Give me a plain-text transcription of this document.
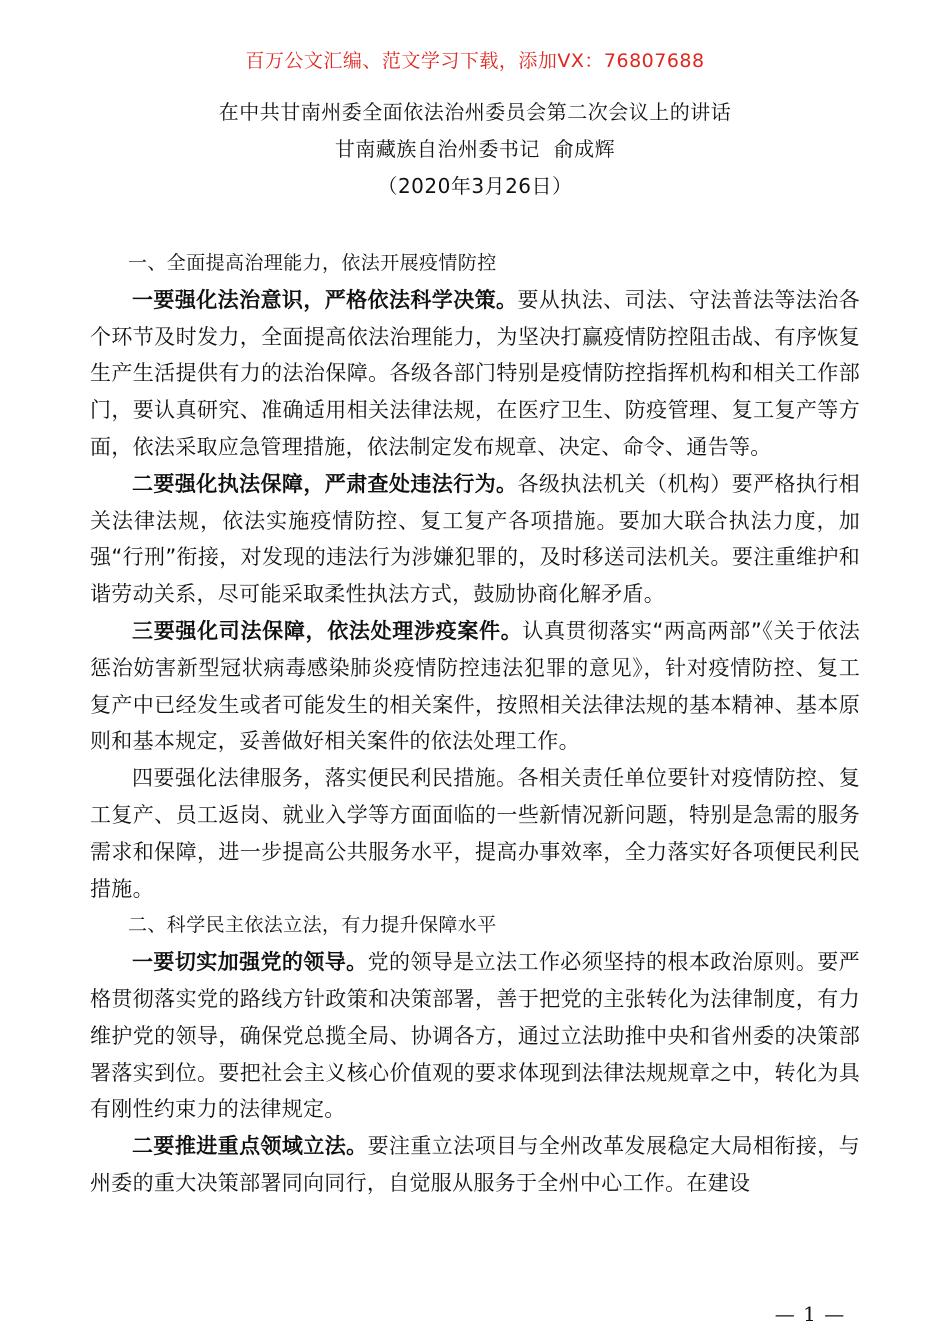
百万公文汇编、范文学习下载，添加VX：76807688
在中共甘南州委全面依法治州委员会第二次会议上的讲话
甘南藏族自治州委书记  俞成辉
（2020年3月26日）

一、全面提高治理能力，依法开展疫情防控

一要强化法治意识，严格依法科学决策。要从执法、司法、守法普法等法治各个环节及时发力，全面提高依法治理能力，为坚决打赢疫情防控阻击战、有序恢复生产生活提供有力的法治保障。各级各部门特别是疫情防控指挥机构和相关工作部门，要认真研究、准确适用相关法律法规，在医疗卫生、防疫管理、复工复产等方面，依法采取应急管理措施，依法制定发布规章、决定、命令、通告等。

二要强化执法保障，严肃查处违法行为。各级执法机关（机构）要严格执行相关法律法规，依法实施疫情防控、复工复产各项措施。要加大联合执法力度，加强“行刑”衔接，对发现的违法行为涉嫌犯罪的，及时移送司法机关。要注重维护和谐劳动关系，尽可能采取柔性执法方式，鼓励协商化解矛盾。

三要强化司法保障，依法处理涉疫案件。认真贯彻落实“两高两部”《关于依法惩治妨害新型冠状病毒感染肺炎疫情防控违法犯罪的意见》，针对疫情防控、复工复产中已经发生或者可能发生的相关案件，按照相关法律法规的基本精神、基本原则和基本规定，妥善做好相关案件的依法处理工作。

四要强化法律服务，落实便民利民措施。各相关责任单位要针对疫情防控、复工复产、员工返岗、就业入学等方面面临的一些新情况新问题，特别是急需的服务需求和保障，进一步提高公共服务水平，提高办事效率，全力落实好各项便民利民措施。

二、科学民主依法立法，有力提升保障水平

一要切实加强党的领导。党的领导是立法工作必须坚持的根本政治原则。要严格贯彻落实党的路线方针政策和决策部署，善于把党的主张转化为法律制度，有力维护党的领导，确保党总揽全局、协调各方，通过立法助推中央和省州委的决策部署落实到位。要把社会主义核心价值观的要求体现到法律法规规章之中，转化为具有刚性约束力的法律规定。

二要推进重点领域立法。要注重立法项目与全州改革发展稳定大局相衔接，与州委的重大决策部署同向同行，自觉服从服务于全州中心工作。在建设

— 1 —
